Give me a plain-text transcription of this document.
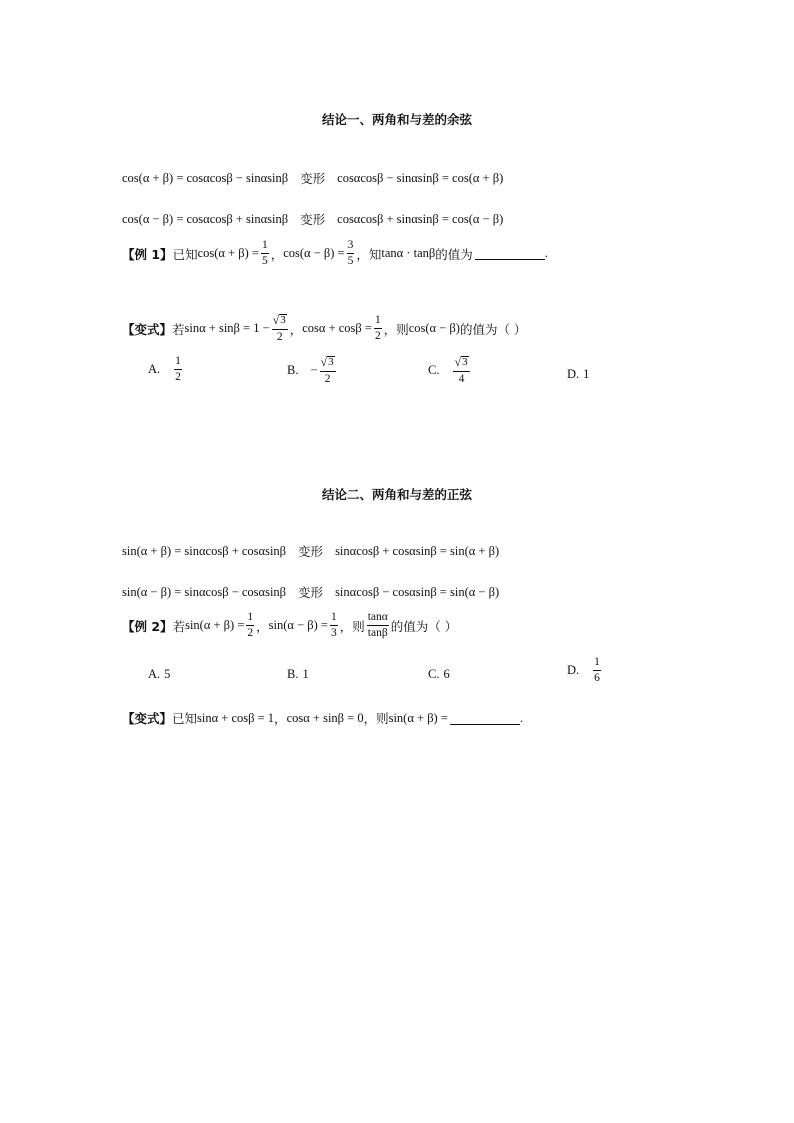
结论一、两角和与差的余弦
cos(α + β) = cosαcosβ − sinαsinβ 变形 cosαcosβ − sinαsinβ = cos(α + β)
cos(α − β) = cosαcosβ + sinαsinβ 变形 cosαcosβ + sinαsinβ = cos(α − β)
【例 1】 已知 $\cos(\alpha + \beta) = \frac{1}{5}$ ， $\cos(\alpha - \beta) = \frac{3}{5}$ ，知 tanα · tanβ 的值为	.
【变式】 若 $\sin\alpha + \sin\beta = 1 - \frac{√ 3}{2}$ ， $\cos\alpha + \cos\beta = \frac{1}{2}$ ，则 cos(α − β) 的值为（ ）
A. $\frac{1}{2}$	B. − $\frac{√ 3}{2}$	C. $\frac{√ 3}{4}$	D. 1
结论二、两角和与差的正弦
sin(α + β) = sinαcosβ + cosαsinβ 变形 sinαcosβ + cosαsinβ = sin(α + β)
sin(α − β) = sinαcosβ − cosαsinβ 变形 sinαcosβ − cosαsinβ = sin(α − β)
【例 2】 若 $\sin(\alpha + \beta) = \frac{1}{2}$ ， $\sin(\alpha - \beta) = \frac{1}{3}$ ，则 $\frac{\tan\alpha}{\tan\beta}$ 的值为（ ）
A. 5	B. 1	C. 6	D. $\frac{1}{6}$
【变式】 已知 sinα + cosβ = 1 ， cosα + sinβ = 0 ，则 sin(α + β) =	.
